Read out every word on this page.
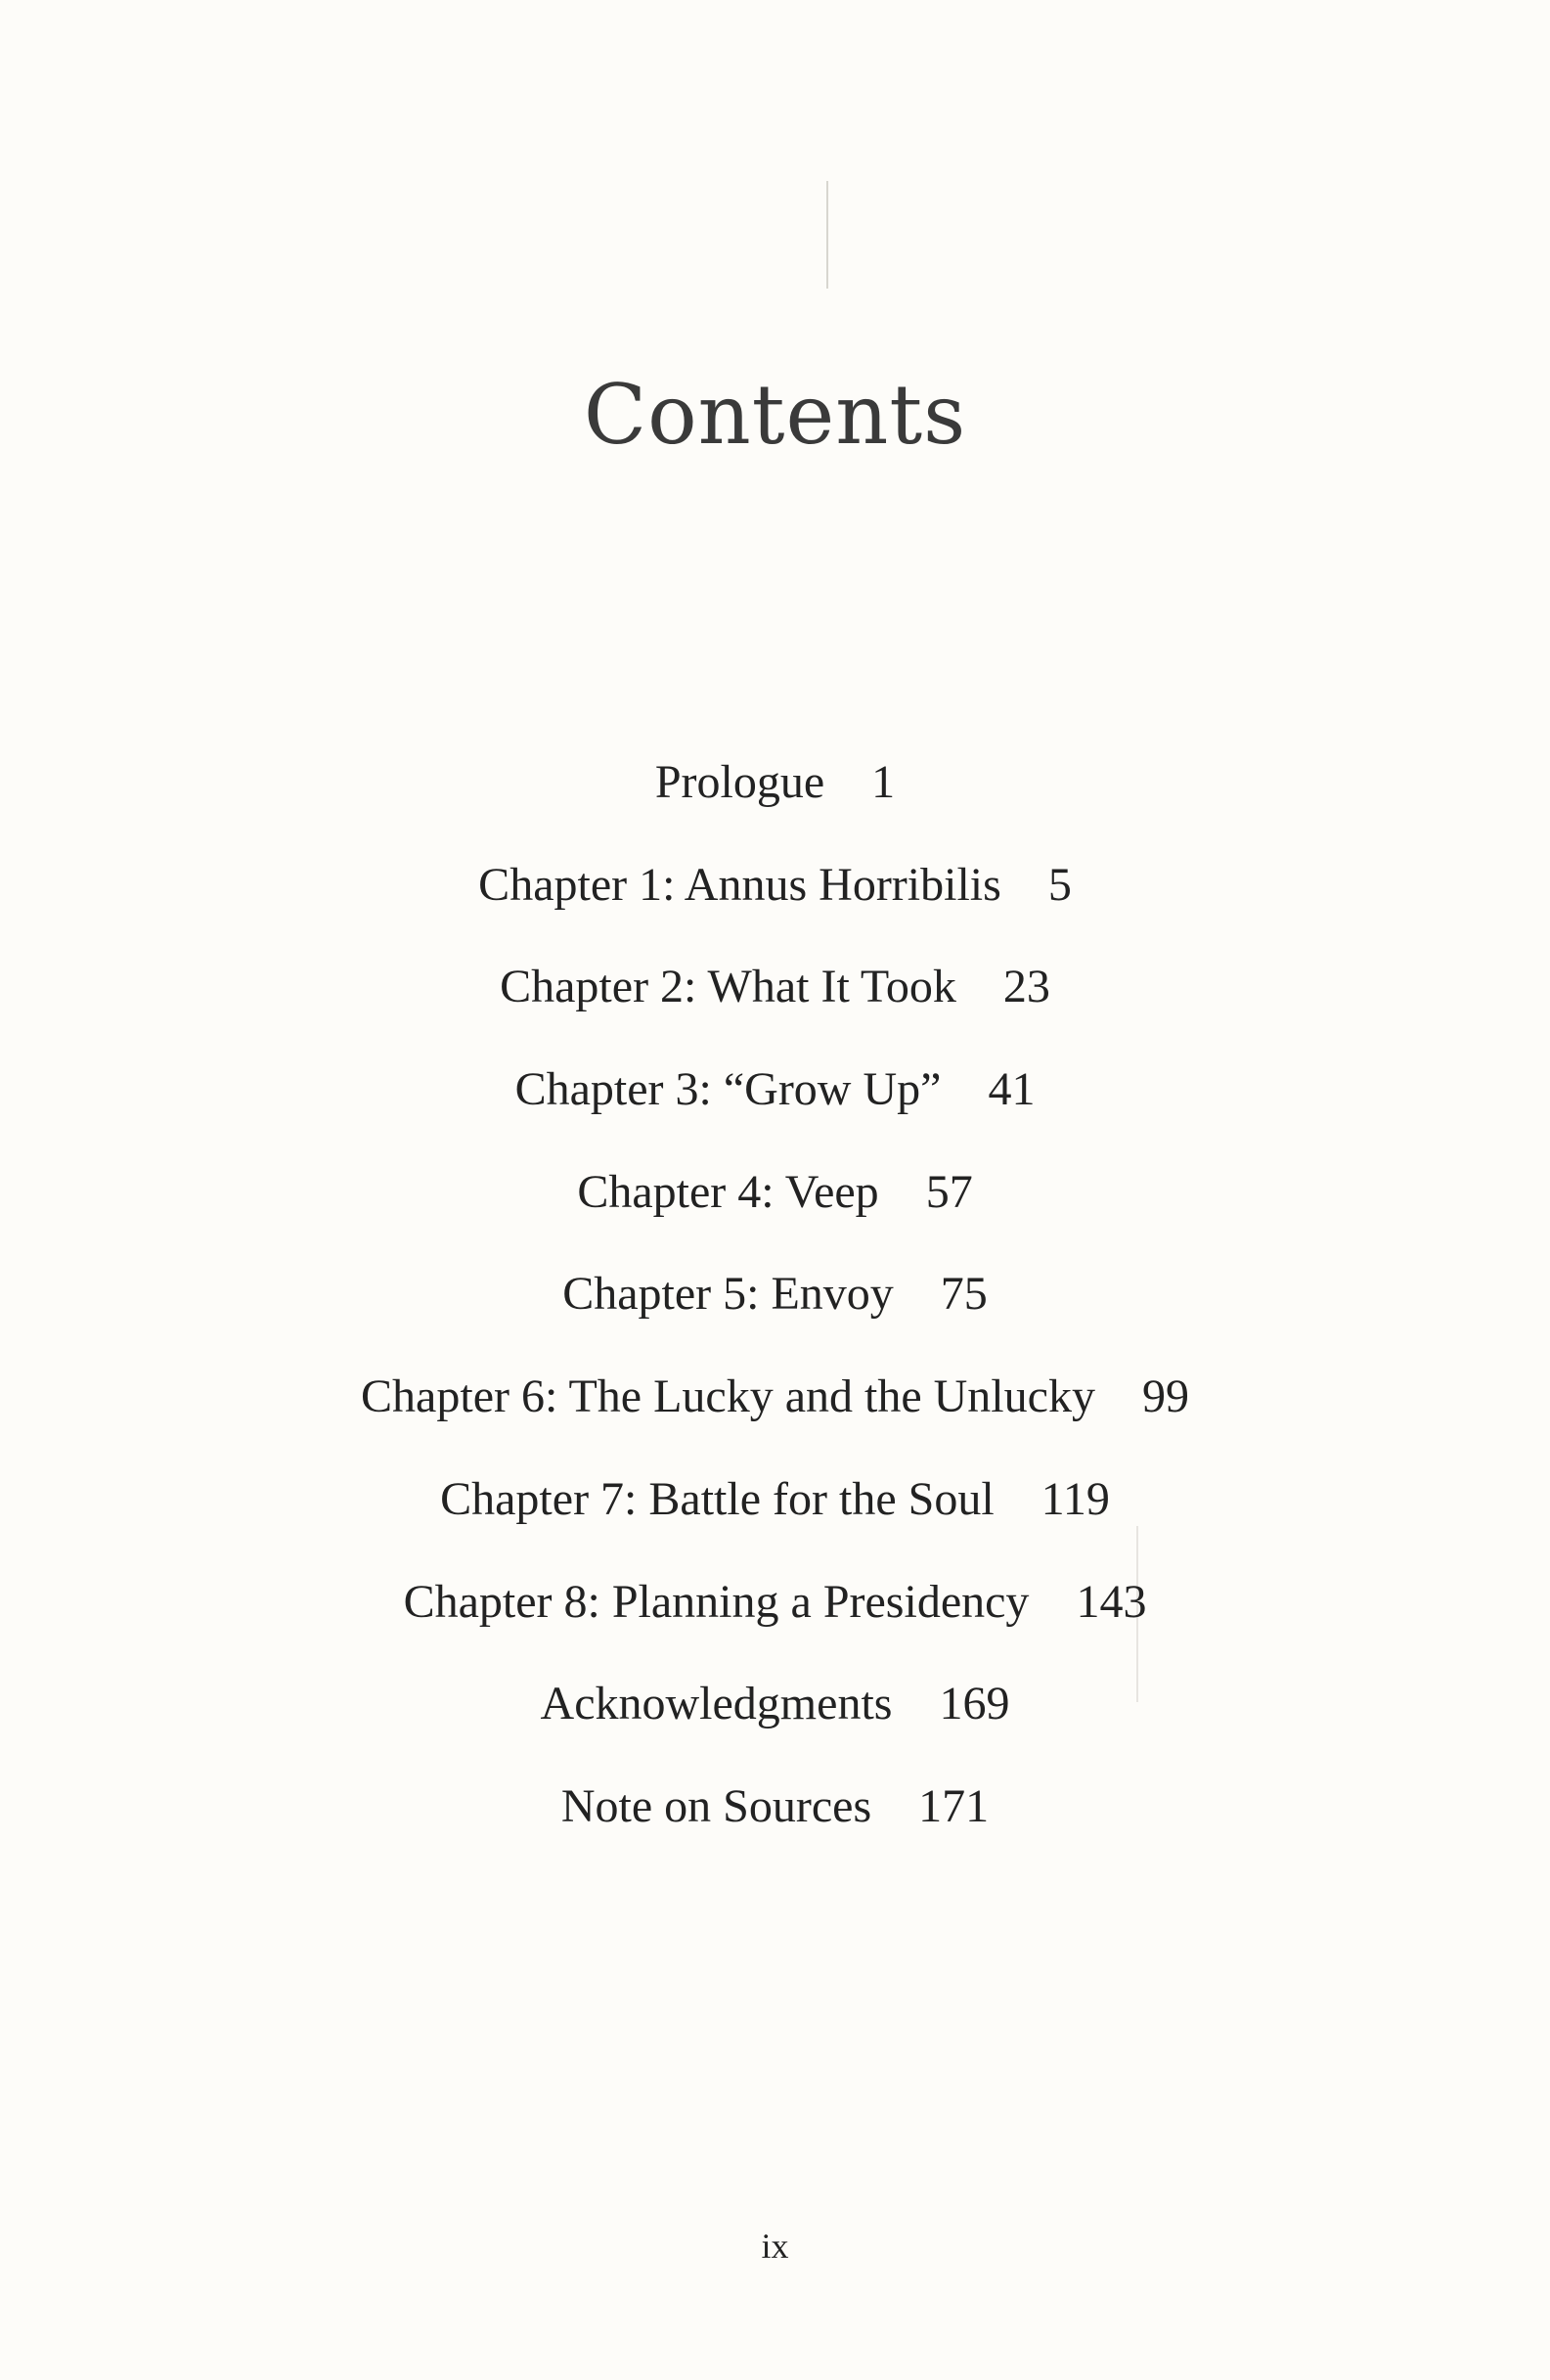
Contents
Prologue 1
Chapter 1: Annus Horribilis 5
Chapter 2: What It Took 23
Chapter 3: “Grow Up” 41
Chapter 4: Veep 57
Chapter 5: Envoy 75
Chapter 6: The Lucky and the Unlucky 99
Chapter 7: Battle for the Soul 119
Chapter 8: Planning a Presidency 143
Acknowledgments 169
Note on Sources 171
ix
